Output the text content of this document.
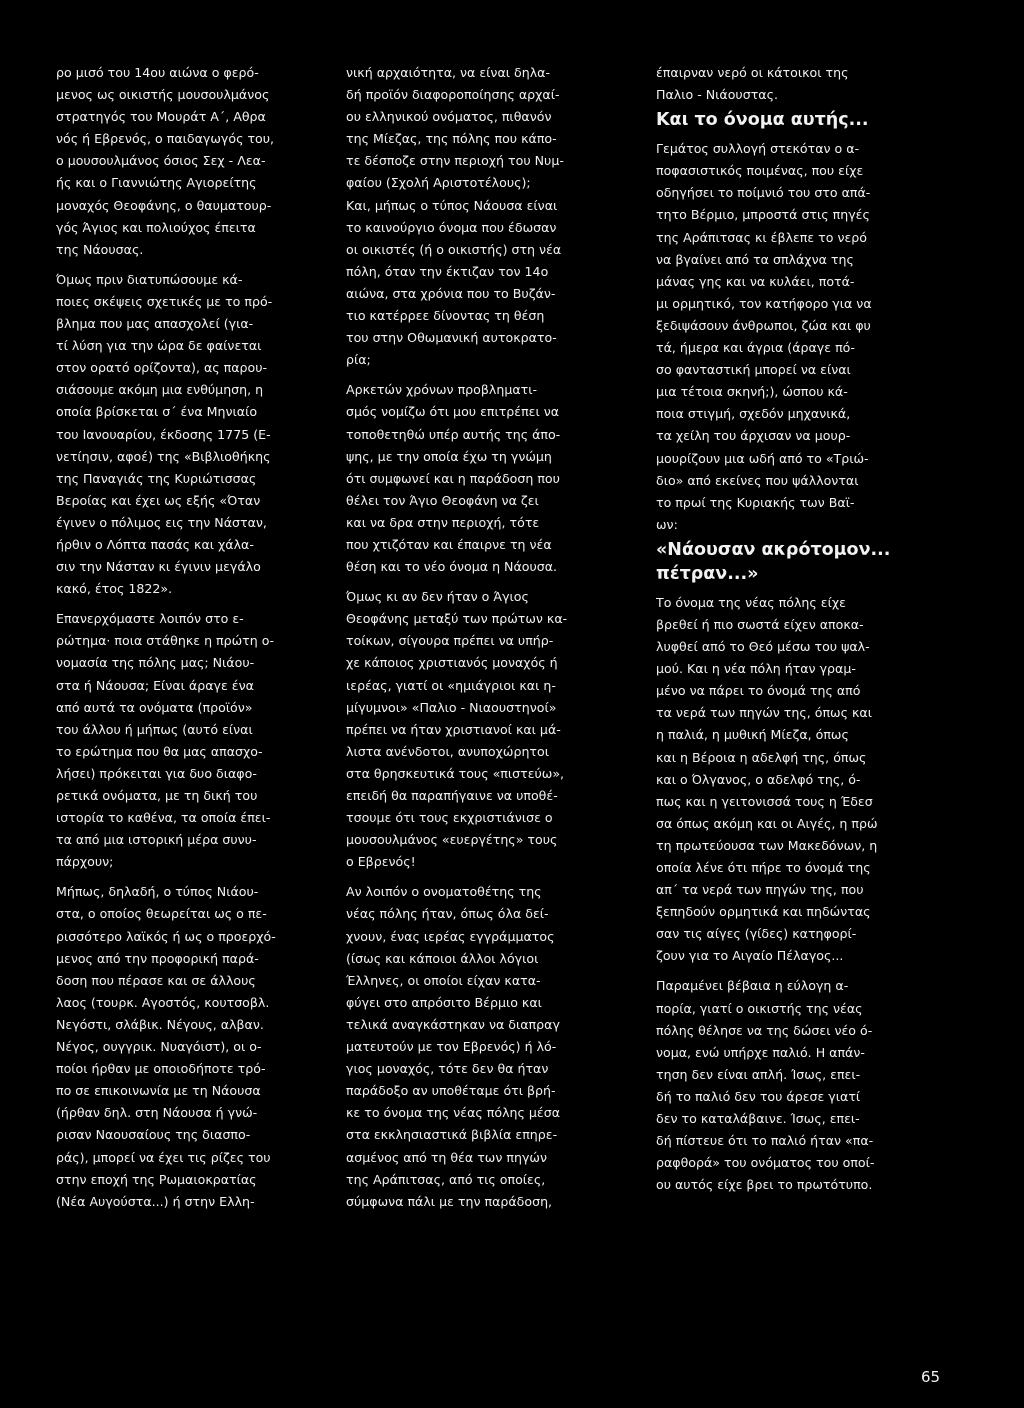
ρο μισό του 14ου αιώνα ο φερό-
μενος ως οικιστής μουσουλμάνος
στρατηγός του Μουράτ Α΄, Αθρα
νός ή Εβρενός, ο παιδαγωγός του,
ο μουσουλμάνος όσιος Σεχ - Λεα-
ής και ο Γιαννιώτης Αγιορείτης
μοναχός Θεοφάνης, ο θαυματουρ-
γός Άγιος και πολιούχος έπειτα
της Νάουσας.

Όμως πριν διατυπώσουμε κά-
ποιες σκέψεις σχετικές με το πρό-
βλημα που μας απασχολεί (για-
τί λύση για την ώρα δε φαίνεται
στον ορατό ορίζοντα), ας παρου-
σιάσουμε ακόμη μια ενθύμηση, η
οποία βρίσκεται σ΄ ένα Μηνιαίο
του Ιανουαρίου, έκδοσης 1775 (Ε-
νετίησιν, αφοέ) της «Βιβλιοθήκης
της Παναγιάς της Κυριώτισσας
Βεροίας και έχει ως εξής «Όταν
έγινεν ο πόλιμος εις την Νάσταν,
ήρθιν ο Λόπτα πασάς και χάλα-
σιν την Νάσταν κι έγινιν μεγάλο
κακό, έτος 1822».

Επανερχόμαστε λοιπόν στο ε-
ρώτημα· ποια στάθηκε η πρώτη ο-
νομασία της πόλης μας; Νιάου-
στα ή Νάουσα; Είναι άραγε ένα
από αυτά τα ονόματα (προϊόν»
του άλλου ή μήπως (αυτό είναι
το ερώτημα που θα μας απασχο-
λήσει) πρόκειται για δυο διαφο-
ρετικά ονόματα, με τη δική του
ιστορία το καθένα, τα οποία έπει-
τα από μια ιστορική μέρα συνυ-
πάρχουν;

Μήπως, δηλαδή, ο τύπος Νιάου-
στα, ο οποίος θεωρείται ως ο πε-
ρισσότερο λαϊκός ή ως ο προερχό-
μενος από την προφορική παρά-
δοση που πέρασε και σε άλλους
λαος (τουρκ. Αγοστός, κουτσοβλ.
Νεγόστι, σλάβικ. Νέγους, αλβαν.
Νέγος, ουγγρικ. Νυαγόιστ), οι ο-
ποίοι ήρθαν με οποιοδήποτε τρό-
πο σε επικοινωνία με τη Νάουσα
(ήρθαν δηλ. στη Νάουσα ή γνώ-
ρισαν Ναουσαίους της διασπο-
ράς), μπορεί να έχει τις ρίζες του
στην εποχή της Ρωμαιοκρατίας
(Νέα Αυγούστα...) ή στην Ελλη-

νική αρχαιότητα, να είναι δηλα-
δή προϊόν διαφοροποίησης αρχαί-
ου ελληνικού ονόματος, πιθανόν
της Μίεζας, της πόλης που κάπο-
τε δέσποζε στην περιοχή του Νυμ-
φαίου (Σχολή Αριστοτέλους);
Και, μήπως ο τύπος Νάουσα είναι
το καινούργιο όνομα που έδωσαν
οι οικιστές (ή ο οικιστής) στη νέα
πόλη, όταν την έκτιζαν τον 14ο
αιώνα, στα χρόνια που το Βυζάν-
τιο κατέρρεε δίνοντας τη θέση
του στην Οθωμανική αυτοκρατο-
ρία;

Αρκετών χρόνων προβληματι-
σμός νομίζω ότι μου επιτρέπει να
τοποθετηθώ υπέρ αυτής της άπο-
ψης, με την οποία έχω τη γνώμη
ότι συμφωνεί και η παράδοση που
θέλει τον Άγιο Θεοφάνη να ζει
και να δρα στην περιοχή, τότε
που χτιζόταν και έπαιρνε τη νέα
θέση και το νέο όνομα η Νάουσα.

Όμως κι αν δεν ήταν ο Άγιος
Θεοφάνης μεταξύ των πρώτων κα-
τοίκων, σίγουρα πρέπει να υπήρ-
χε κάποιος χριστιανός μοναχός ή
ιερέας, γιατί οι «ημιάγριοι και η-
μίγυμνοι» «Παλιο - Νιαουστηνοί»
πρέπει να ήταν χριστιανοί και μά-
λιστα ανένδοτοι, ανυποχώρητοι
στα θρησκευτικά τους «πιστεύω»,
επειδή θα παραπήγαινε να υποθέ-
τσουμε ότι τους εκχριστιάνισε ο
μουσουλμάνος «ευεργέτης» τους
ο Εβρενός!

Αν λοιπόν ο ονοματοθέτης της
νέας πόλης ήταν, όπως όλα δεί-
χνουν, ένας ιερέας εγγράμματος
(ίσως και κάποιοι άλλοι λόγιοι
Έλληνες, οι οποίοι είχαν κατα-
φύγει στο απρόσιτο Βέρμιο και
τελικά αναγκάστηκαν να διαπραγ
ματευτούν με τον Εβρενός) ή λό-
γιος μοναχός, τότε δεν θα ήταν
παράδοξο αν υποθέταμε ότι βρή-
κε το όνομα της νέας πόλης μέσα
στα εκκλησιαστικά βιβλία επηρε-
ασμένος από τη θέα των πηγών
της Αράπιτσας, από τις οποίες,
σύμφωνα πάλι με την παράδοση,

έπαιρναν νερό οι κάτοικοι της
Παλιο - Νιάουστας.

Και το όνομα αυτής...

Γεμάτος συλλογή στεκόταν ο α-
ποφασιστικός ποιμένας, που είχε
οδηγήσει το ποίμνιό του στο απά-
τητο Βέρμιο, μπροστά στις πηγές
της Αράπιτσας κι έβλεπε το νερό
να βγαίνει από τα σπλάχνα της
μάνας γης και να κυλάει, ποτά-
μι ορμητικό, τον κατήφορο για να
ξεδιψάσουν άνθρωποι, ζώα και φυ
τά, ήμερα και άγρια (άραγε πό-
σο φανταστική μπορεί να είναι
μια τέτοια σκηνή;), ώσπου κά-
ποια στιγμή, σχεδόν μηχανικά,
τα χείλη του άρχισαν να μουρ-
μουρίζουν μια ωδή από το «Τριώ-
διο» από εκείνες που ψάλλονται
το πρωί της Κυριακής των Βαϊ-
ων:

«Νάουσαν ακρότομον...
πέτραν...»

Το όνομα της νέας πόλης είχε
βρεθεί ή πιο σωστά είχεν αποκα-
λυφθεί από το Θεό μέσω του ψαλ-
μού. Και η νέα πόλη ήταν γραμ-
μένο να πάρει το όνομά της από
τα νερά των πηγών της, όπως και
η παλιά, η μυθική Μίεζα, όπως
και η Βέροια η αδελφή της, όπως
και ο Όλγανος, ο αδελφό της, ό-
πως και η γειτονισσά τους η Έδεσ
σα όπως ακόμη και οι Αιγές, η πρώ
τη πρωτεύουσα των Μακεδόνων, η
οποία λένε ότι πήρε το όνομά της
απ΄ τα νερά των πηγών της, που
ξεπηδούν ορμητικά και πηδώντας
σαν τις αίγες (γίδες) κατηφορί-
ζουν για το Αιγαίο Πέλαγος...

Παραμένει βέβαια η εύλογη α-
πορία, γιατί ο οικιστής της νέας
πόλης θέλησε να της δώσει νέο ό-
νομα, ενώ υπήρχε παλιό. Η απάν-
τηση δεν είναι απλή. Ίσως, επει-
δή το παλιό δεν του άρεσε γιατί
δεν το καταλάβαινε. Ίσως, επει-
δή πίστευε ότι το παλιό ήταν «πα-
ραφθορά» του ονόματος του οποί-
ου αυτός είχε βρει το πρωτότυπο.

65
